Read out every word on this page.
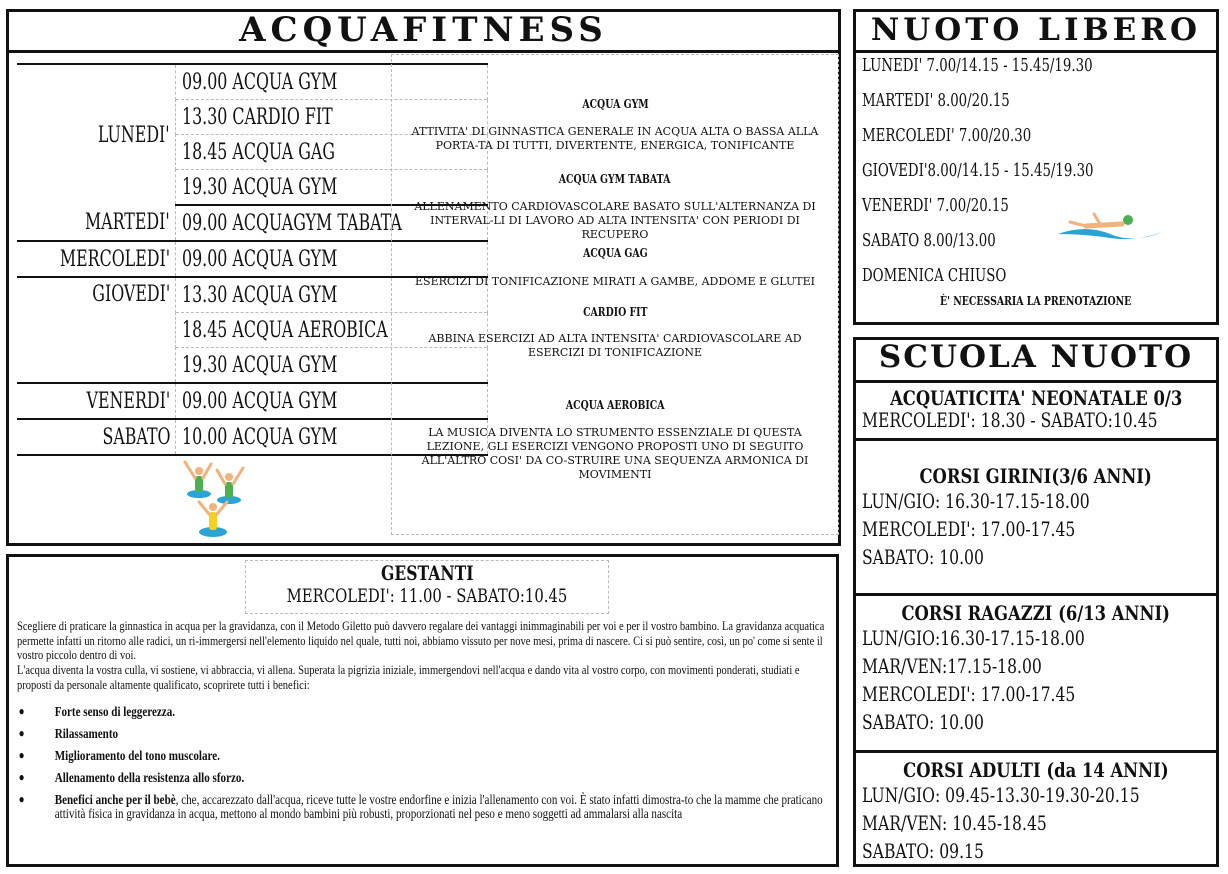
ACQUAFITNESS
LUNEDI'	09.00 ACQUA GYM
	13.30 CARDIO FIT
	18.45 ACQUA GAG
	19.30 ACQUA GYM
MARTEDI'	09.00 ACQUAGYM TABATA
MERCOLEDI'	09.00 ACQUA GYM
GIOVEDI'	13.30 ACQUA GYM
	18.45 ACQUA AEROBICA
	19.30 ACQUA GYM
VENERDI'	09.00 ACQUA GYM
SABATO	10.00 ACQUA GYM
ACQUA GYM
ATTIVITA' DI GINNASTICA GENERALE IN ACQUA ALTA O BASSA ALLA PORTA-TA DI TUTTI, DIVERTENTE, ENERGICA, TONIFICANTE
ACQUA GYM TABATA
ALLENAMENTO CARDIOVASCOLARE BASATO SULL'ALTERNANZA DI INTERVAL-LI DI LAVORO AD ALTA INTENSITA' CON PERIODI DI RECUPERO
ACQUA GAG
ESERCIZI DI TONIFICAZIONE MIRATI A GAMBE, ADDOME E GLUTEI
CARDIO FIT
ABBINA ESERCIZI AD ALTA INTENSITA' CARDIOVASCOLARE AD ESERCIZI DI TONIFICAZIONE
ACQUA AEROBICA
LA MUSICA DIVENTA LO STRUMENTO ESSENZIALE DI QUESTA LEZIONE, GLI ESERCIZI VENGONO PROPOSTI UNO DI SEGUITO ALL'ALTRO COSI' DA CO-STRUIRE UNA SEQUENZA ARMONICA DI MOVIMENTI
NUOTO LIBERO
LUNEDI' 7.00/14.15 - 15.45/19.30
MARTEDI' 8.00/20.15
MERCOLEDI' 7.00/20.30
GIOVEDI'8.00/14.15 - 15.45/19.30
VENERDI' 7.00/20.15
SABATO 8.00/13.00
DOMENICA CHIUSO
È' NECESSARIA LA PRENOTAZIONE
SCUOLA NUOTO
ACQUATICITA' NEONATALE 0/3
MERCOLEDI': 18.30 - SABATO:10.45
CORSI GIRINI(3/6 ANNI)
LUN/GIO: 16.30-17.15-18.00
MERCOLEDI': 17.00-17.45
SABATO: 10.00
CORSI RAGAZZI (6/13 ANNI)
LUN/GIO:16.30-17.15-18.00
MAR/VEN:17.15-18.00
MERCOLEDI': 17.00-17.45
SABATO: 10.00
CORSI ADULTI (da 14 ANNI)
LUN/GIO: 09.45-13.30-19.30-20.15
MAR/VEN: 10.45-18.45
SABATO: 09.15
GESTANTI
MERCOLEDI': 11.00 - SABATO:10.45

Scegliere di praticare la ginnastica in acqua per la gravidanza, con il Metodo Giletto può davvero regalare dei vantaggi inimmaginabili per voi e per il vostro bambino. La gravidanza acquatica permette infatti un ritorno alle radici, un ri-immergersi nell'elemento liquido nel quale, tutti noi, abbiamo vissuto per nove mesi, prima di nascere. Ci si può sentire, così, un po' come si sente il vostro piccolo dentro di voi.

L'acqua diventa la vostra culla, vi sostiene, vi abbraccia, vi allena. Superata la pigrizia iniziale, immergendovi nell'acqua e dando vita al vostro corpo, con movimenti ponderati, studiati e proposti da personale altamente qualificato, scoprirete tutti i benefici:

● Forte senso di leggerezza.
● Rilassamento
● Miglioramento del tono muscolare.
● Allenamento della resistenza allo sforzo.
● Benefici anche per il bebè, che, accarezzato dall'acqua, riceve tutte le vostre endorfine e inizia l'allenamento con voi. È stato infatti dimostra-to che la mamme che praticano attività fisica in gravidanza in acqua, mettono al mondo bambini più robusti, proporzionati nel peso e meno soggetti ad ammalarsi alla nascita
